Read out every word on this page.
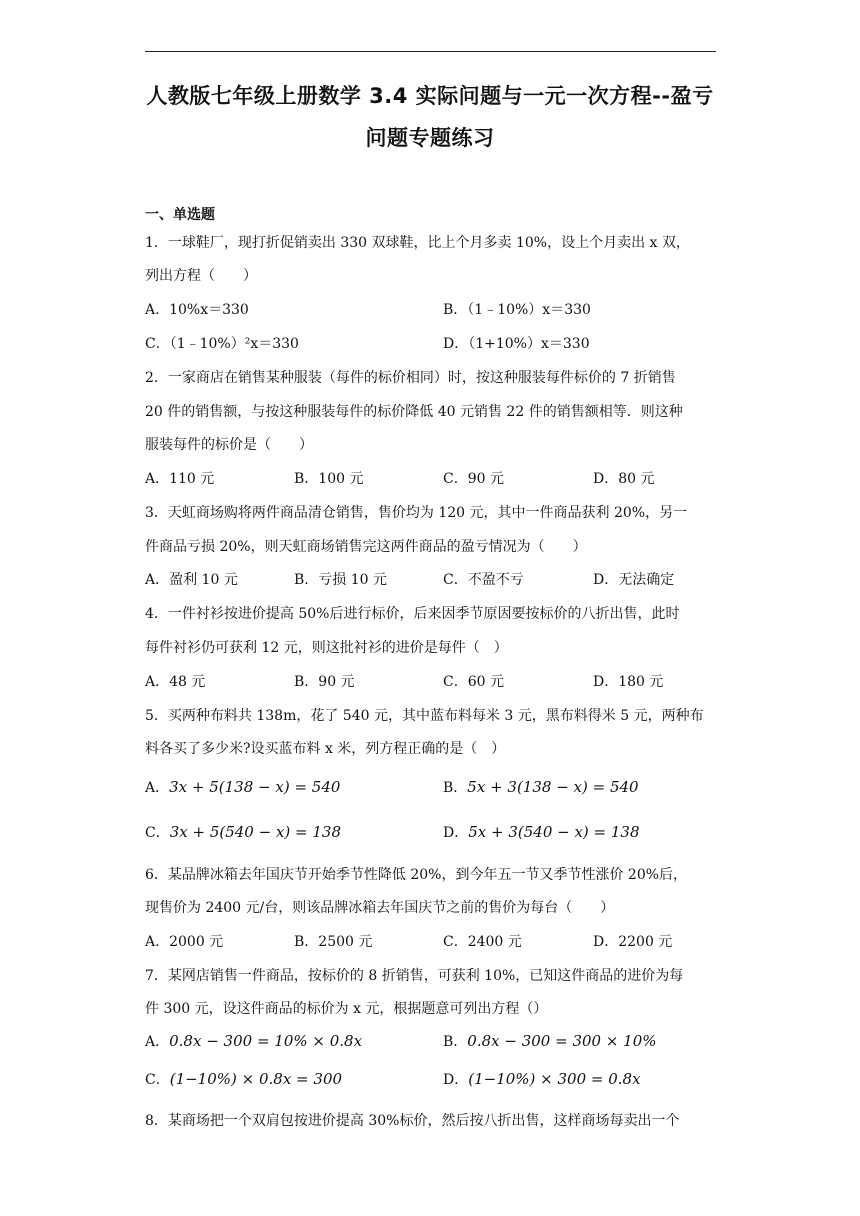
人教版七年级上册数学 3.4 实际问题与一元一次方程--盈亏
问题专题练习
一、单选题
1．一球鞋厂，现打折促销卖出 330 双球鞋，比上个月多卖 10%，设上个月卖出 x 双，
列出方程（　　）
A．10%x＝330	B．（1﹣10%）x＝330
C．（1﹣10%）²x＝330	D．（1+10%）x＝330
2．一家商店在销售某种服装（每件的标价相同）时，按这种服装每件标价的 7 折销售
20 件的销售额，与按这种服装每件的标价降低 40 元销售 22 件的销售额相等．则这种
服装每件的标价是（　　）
A．110 元	B．100 元	C．90 元	D．80 元
3．天虹商场购将两件商品清仓销售，售价均为 120 元，其中一件商品获利 20%，另一
件商品亏损 20%，则天虹商场销售完这两件商品的盈亏情况为（　　）
A．盈利 10 元	B．亏损 10 元	C．不盈不亏	D．无法确定
4．一件衬衫按进价提高 50%后进行标价，后来因季节原因要按标价的八折出售，此时
每件衬衫仍可获利 12 元，则这批衬衫的进价是每件（　）
A．48 元	B．90 元	C．60 元	D．180 元
5．买两种布料共 138m，花了 540 元，其中蓝布料每米 3 元，黑布料得米 5 元，两种布
料各买了多少米?设买蓝布料 x 米，列方程正确的是（　）
A．3x + 5(138 − x) = 540	B．5x + 3(138 − x) = 540
C．3x + 5(540 − x) = 138	D．5x + 3(540 − x) = 138
6．某品牌冰箱去年国庆节开始季节性降低 20%，到今年五一节又季节性涨价 20%后，
现售价为 2400 元/台，则该品牌冰箱去年国庆节之前的售价为每台（　　）
A．2000 元	B．2500 元	C．2400 元	D．2200 元
7．某网店销售一件商品，按标价的 8 折销售，可获利 10%，已知这件商品的进价为每
件 300 元，设这件商品的标价为 x 元，根据题意可列出方程（）
A．0.8x − 300 = 10% × 0.8x	B．0.8x − 300 = 300 × 10%
C．(1−10%) × 0.8x = 300	D．(1−10%) × 300 = 0.8x
8．某商场把一个双肩包按进价提高 30%标价，然后按八折出售，这样商场每卖出一个
